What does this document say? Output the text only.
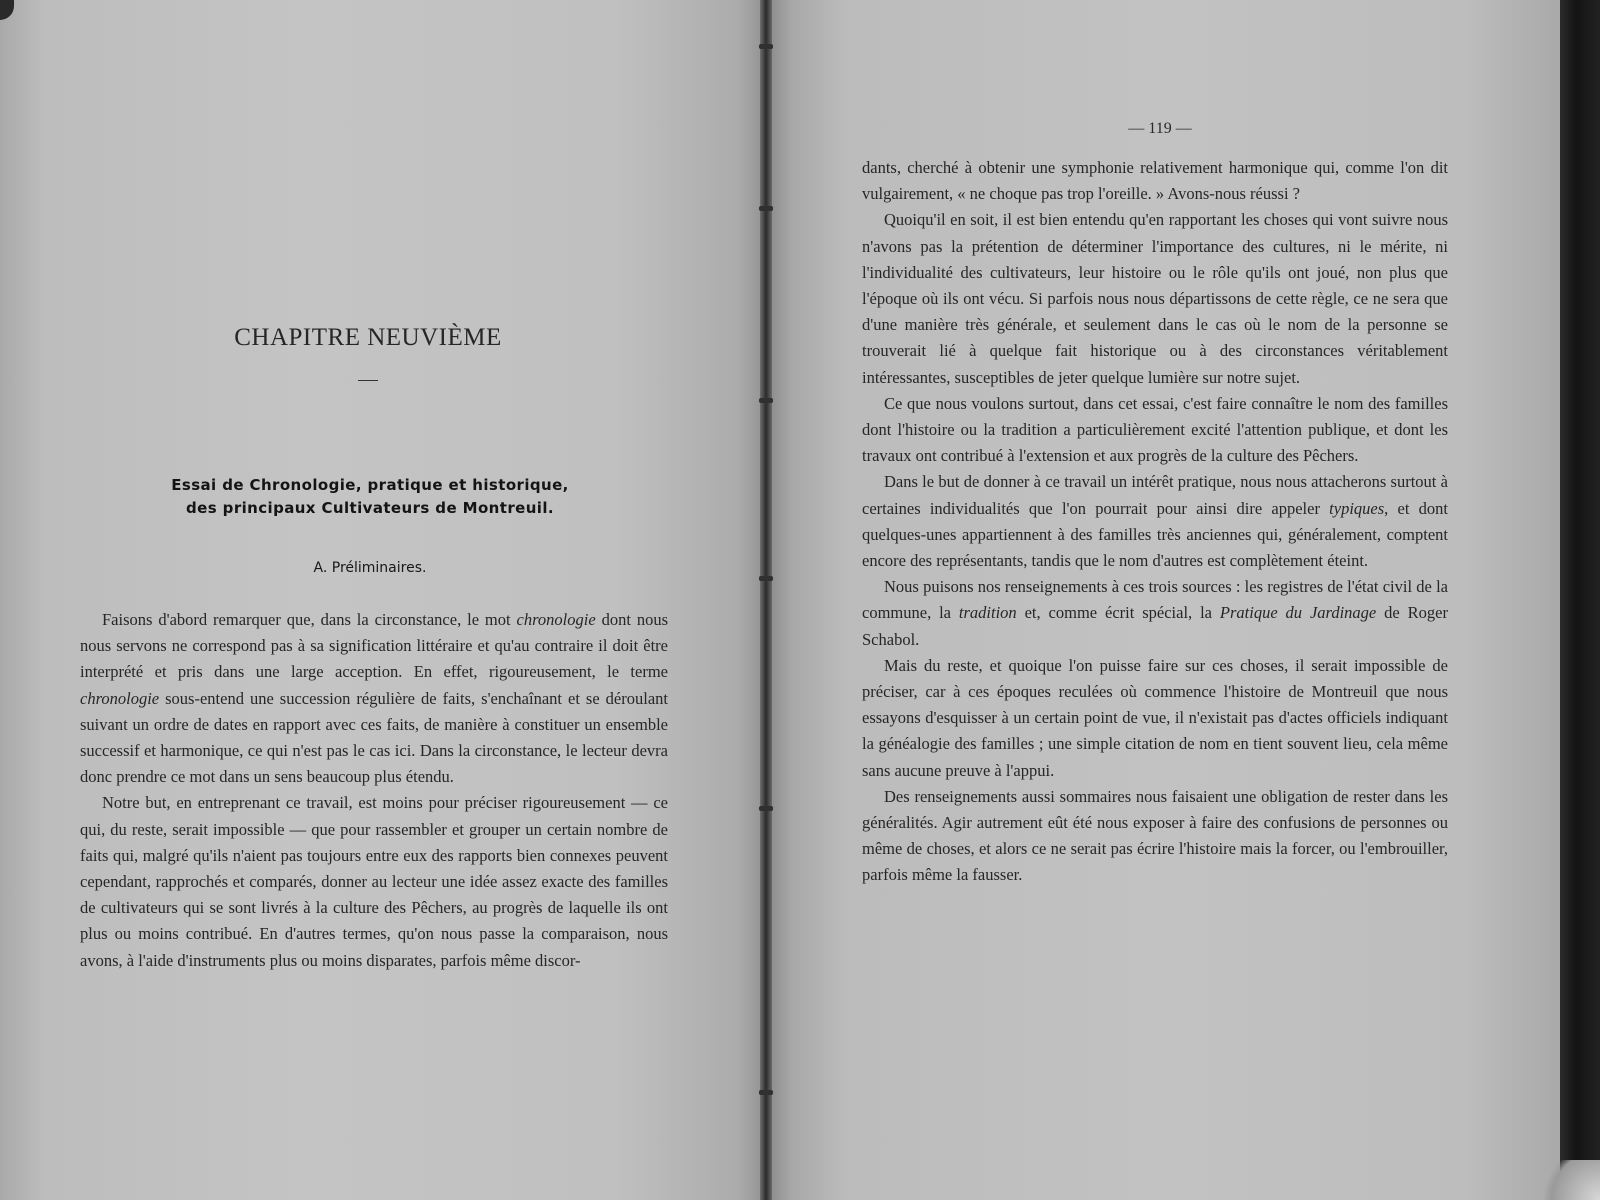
CHAPITRE NEUVIÈME
Essai de Chronologie, pratique et historique,
des principaux Cultivateurs de Montreuil.
A. Préliminaires.

Faisons d'abord remarquer que, dans la circonstance, le mot chronologie dont nous nous servons ne correspond pas à sa signification littéraire et qu'au contraire il doit être interprété et pris dans une large acception. En effet, rigoureusement, le terme chronologie sous-entend une succession régulière de faits, s'enchaînant et se déroulant suivant un ordre de dates en rapport avec ces faits, de manière à constituer un ensemble successif et harmonique, ce qui n'est pas le cas ici. Dans la circonstance, le lecteur devra donc prendre ce mot dans un sens beaucoup plus étendu.

Notre but, en entreprenant ce travail, est moins pour préciser rigoureusement — ce qui, du reste, serait impossible — que pour rassembler et grouper un certain nombre de faits qui, malgré qu'ils n'aient pas toujours entre eux des rapports bien connexes peuvent cependant, rapprochés et comparés, donner au lecteur une idée assez exacte des familles de cultivateurs qui se sont livrés à la culture des Pêchers, au progrès de laquelle ils ont plus ou moins contribué. En d'autres termes, qu'on nous passe la comparaison, nous avons, à l'aide d'instruments plus ou moins disparates, parfois même discor-

— 119 —

dants, cherché à obtenir une symphonie relativement harmonique qui, comme l'on dit vulgairement, « ne choque pas trop l'oreille. » Avons-nous réussi ?

Quoiqu'il en soit, il est bien entendu qu'en rapportant les choses qui vont suivre nous n'avons pas la prétention de déterminer l'importance des cultures, ni le mérite, ni l'individualité des cultivateurs, leur histoire ou le rôle qu'ils ont joué, non plus que l'époque où ils ont vécu. Si parfois nous nous départissons de cette règle, ce ne sera que d'une manière très générale, et seulement dans le cas où le nom de la personne se trouverait lié à quelque fait historique ou à des circonstances véritablement intéressantes, susceptibles de jeter quelque lumière sur notre sujet.

Ce que nous voulons surtout, dans cet essai, c'est faire connaître le nom des familles dont l'histoire ou la tradition a particulièrement excité l'attention publique, et dont les travaux ont contribué à l'extension et aux progrès de la culture des Pêchers.

Dans le but de donner à ce travail un intérêt pratique, nous nous attacherons surtout à certaines individualités que l'on pourrait pour ainsi dire appeler typiques, et dont quelques-unes appartiennent à des familles très anciennes qui, généralement, comptent encore des représentants, tandis que le nom d'autres est complètement éteint.

Nous puisons nos renseignements à ces trois sources : les registres de l'état civil de la commune, la tradition et, comme écrit spécial, la Pratique du Jardinage de Roger Schabol.

Mais du reste, et quoique l'on puisse faire sur ces choses, il serait impossible de préciser, car à ces époques reculées où commence l'histoire de Montreuil que nous essayons d'esquisser à un certain point de vue, il n'existait pas d'actes officiels indiquant la généalogie des familles ; une simple citation de nom en tient souvent lieu, cela même sans aucune preuve à l'appui.

Des renseignements aussi sommaires nous faisaient une obligation de rester dans les généralités. Agir autrement eût été nous exposer à faire des confusions de personnes ou même de choses, et alors ce ne serait pas écrire l'histoire mais la forcer, ou l'embrouiller, parfois même la fausser.
